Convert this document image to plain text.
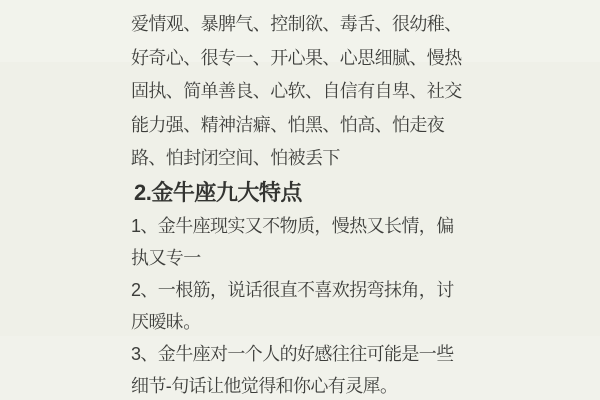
爱情观、暴脾气、控制欲、毒舌、很幼稚、
好奇心、很专一、开心果、心思细腻、慢热
固执、简单善良、心软、自信有自卑、社交
能力强、精神洁癖、怕黑、怕高、怕走夜
路、怕封闭空间、怕被丢下
2.金牛座九大特点
1、金牛座现实又不物质，慢热又长情，偏
执又专一
2、一根筋，说话很直不喜欢拐弯抹角，讨
厌暧昧。
3、金牛座对一个人的好感往往可能是一些
细节-句话让他觉得和你心有灵犀。
